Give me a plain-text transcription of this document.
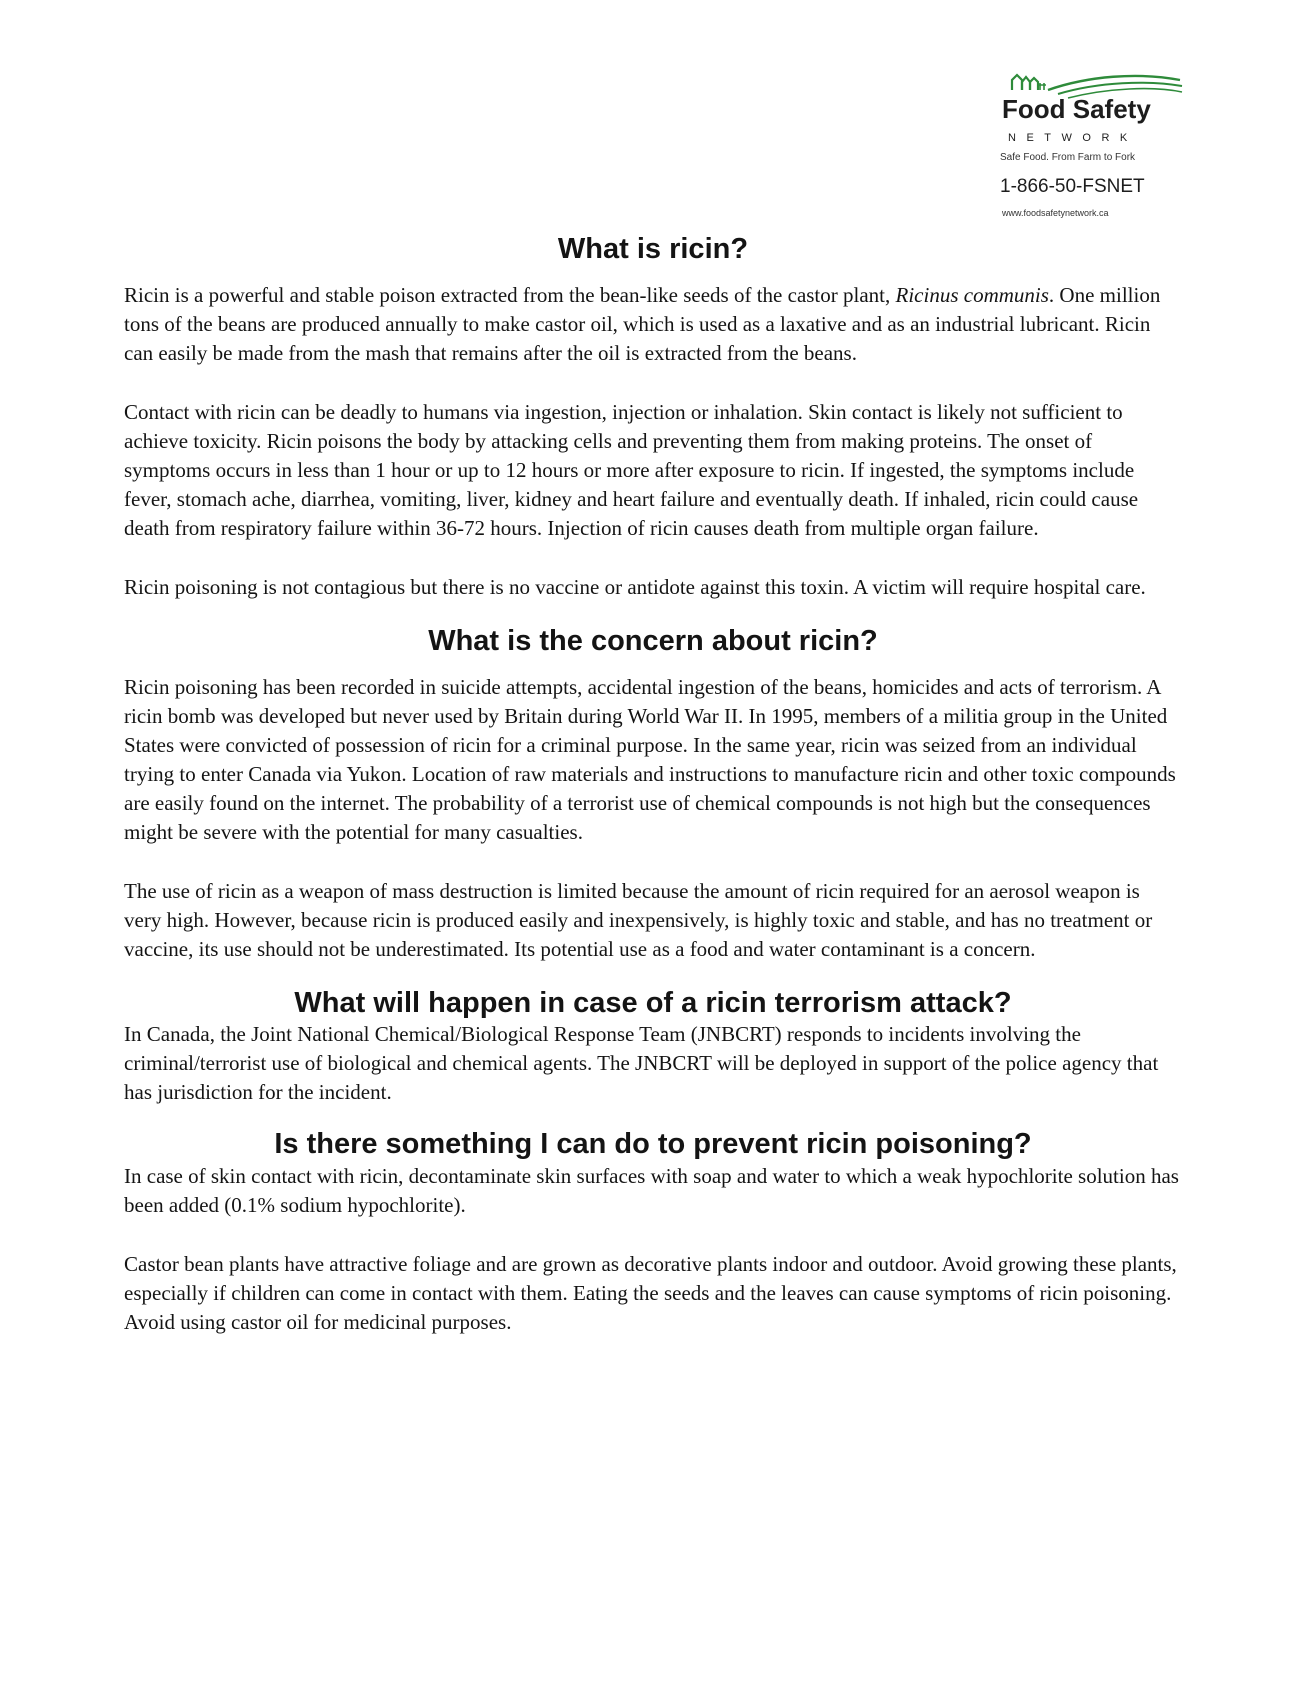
Food Safety
NETWORK
Safe Food. From Farm to Fork
1-866-50-FSNET
www.foodsafetynetwork.ca
What is ricin?

Ricin is a powerful and stable poison extracted from the bean-like seeds of the castor plant, Ricinus communis. One million tons of the beans are produced annually to make castor oil, which is used as a laxative and as an industrial lubricant. Ricin can easily be made from the mash that remains after the oil is extracted from the beans.

Contact with ricin can be deadly to humans via ingestion, injection or inhalation. Skin contact is likely not sufficient to achieve toxicity. Ricin poisons the body by attacking cells and preventing them from making proteins. The onset of symptoms occurs in less than 1 hour or up to 12 hours or more after exposure to ricin. If ingested, the symptoms include fever, stomach ache, diarrhea, vomiting, liver, kidney and heart failure and eventually death. If inhaled, ricin could cause death from respiratory failure within 36-72 hours. Injection of ricin causes death from multiple organ failure.

Ricin poisoning is not contagious but there is no vaccine or antidote against this toxin. A victim will require hospital care.

What is the concern about ricin?

Ricin poisoning has been recorded in suicide attempts, accidental ingestion of the beans, homicides and acts of terrorism. A ricin bomb was developed but never used by Britain during World War II. In 1995, members of a militia group in the United States were convicted of possession of ricin for a criminal purpose. In the same year, ricin was seized from an individual trying to enter Canada via Yukon. Location of raw materials and instructions to manufacture ricin and other toxic compounds are easily found on the internet. The probability of a terrorist use of chemical compounds is not high but the consequences might be severe with the potential for many casualties.

The use of ricin as a weapon of mass destruction is limited because the amount of ricin required for an aerosol weapon is very high. However, because ricin is produced easily and inexpensively, is highly toxic and stable, and has no treatment or vaccine, its use should not be underestimated. Its potential use as a food and water contaminant is a concern.

What will happen in case of a ricin terrorism attack?

In Canada, the Joint National Chemical/Biological Response Team (JNBCRT) responds to incidents involving the criminal/terrorist use of biological and chemical agents. The JNBCRT will be deployed in support of the police agency that has jurisdiction for the incident.

Is there something I can do to prevent ricin poisoning?

In case of skin contact with ricin, decontaminate skin surfaces with soap and water to which a weak hypochlorite solution has been added (0.1% sodium hypochlorite).

Castor bean plants have attractive foliage and are grown as decorative plants indoor and outdoor. Avoid growing these plants, especially if children can come in contact with them. Eating the seeds and the leaves can cause symptoms of ricin poisoning. Avoid using castor oil for medicinal purposes.
